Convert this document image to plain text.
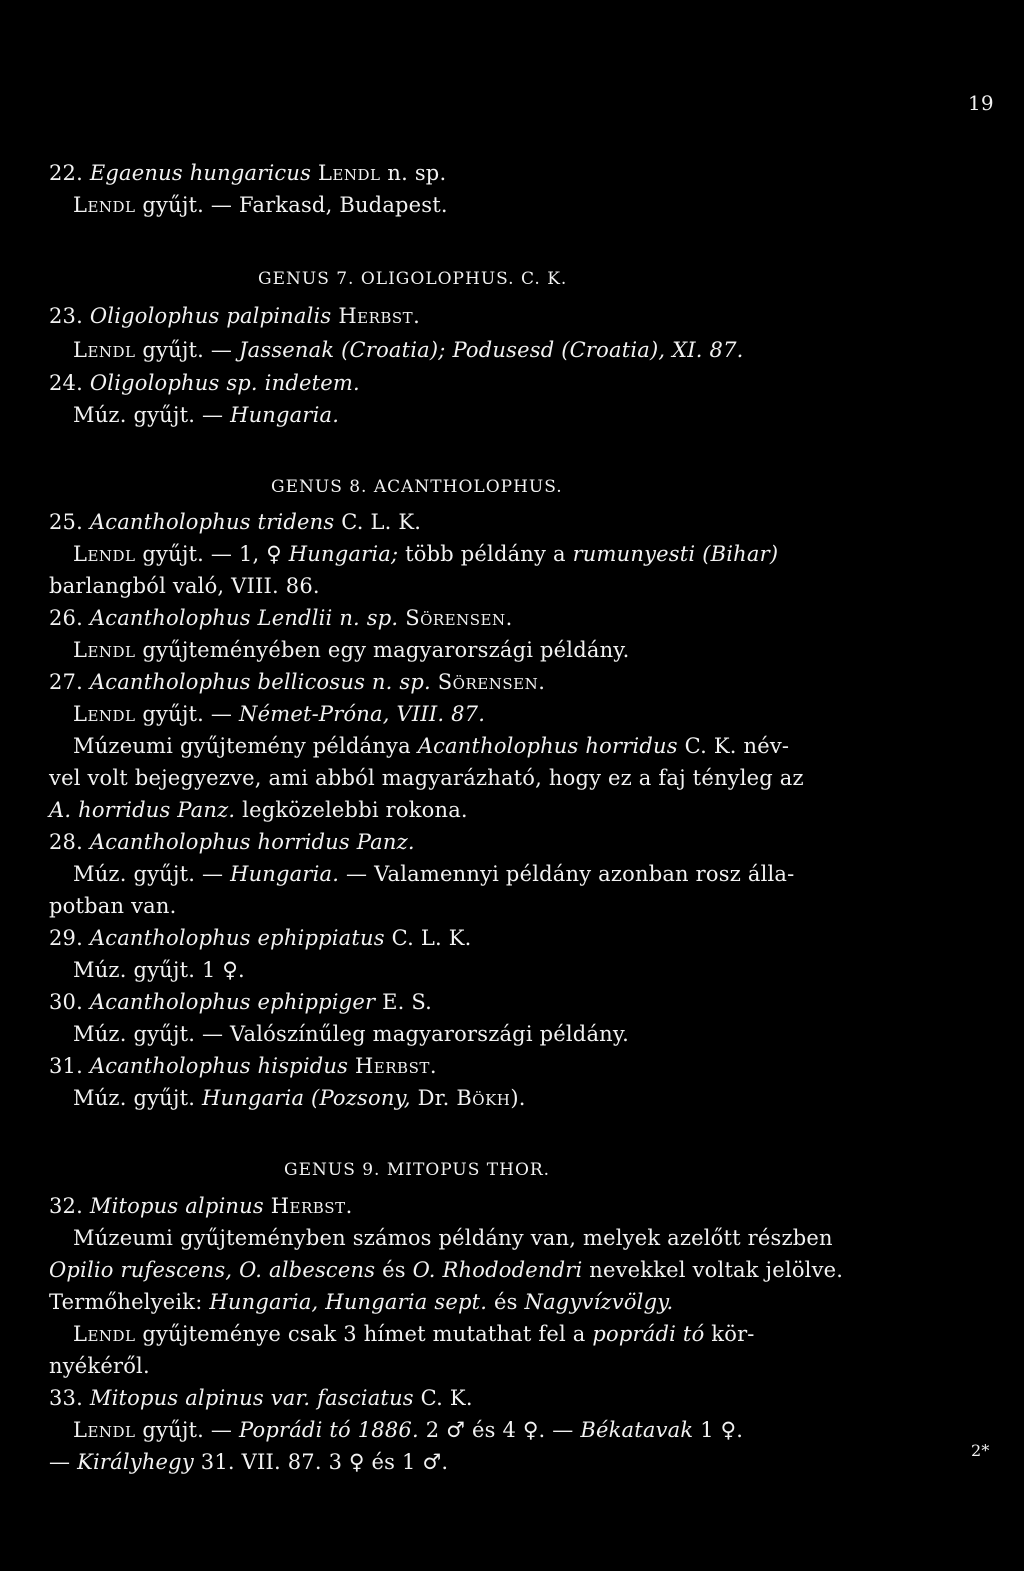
19
22. Egaenus hungaricus Lendl n. sp.
Lendl gyűjt. — Farkasd, Budapest.
GENUS 7. OLIGOLOPHUS. C. K.
23. Oligolophus palpinalis Herbst.
Lendl gyűjt. — Jassenak (Croatia); Podusesd (Croatia), XI. 87.
24. Oligolophus sp. indetem.
Múz. gyűjt. — Hungaria.
GENUS 8. ACANTHOLOPHUS.
25. Acantholophus tridens C. L. K.
Lendl gyűjt. — 1, ♀ Hungaria; több példány a rumunyesti (Bihar)
barlangból való, VIII. 86.
26. Acantholophus Lendlii n. sp. Sörensen.
Lendl gyűjteményében egy magyarországi példány.
27. Acantholophus bellicosus n. sp. Sörensen.
Lendl gyűjt. — Német-Próna, VIII. 87.
Múzeumi gyűjtemény példánya Acantholophus horridus C. K. név-
vel volt bejegyezve, ami abból magyarázható, hogy ez a faj tényleg az
A. horridus Panz. legközelebbi rokona.
28. Acantholophus horridus Panz.
Múz. gyűjt. — Hungaria. — Valamennyi példány azonban rosz álla-
potban van.
29. Acantholophus ephippiatus C. L. K.
Múz. gyűjt. 1 ♀.
30. Acantholophus ephippiger E. S.
Múz. gyűjt. — Valószínűleg magyarországi példány.
31. Acantholophus hispidus Herbst.
Múz. gyűjt. Hungaria (Pozsony, Dr. Bökh).
GENUS 9. MITOPUS THOR.
32. Mitopus alpinus Herbst.
Múzeumi gyűjteményben számos példány van, melyek azelőtt részben
Opilio rufescens, O. albescens és O. Rhododendri nevekkel voltak jelölve.
Termőhelyeik: Hungaria, Hungaria sept. és Nagyvízvölgy.
Lendl gyűjteménye csak 3 hímet mutathat fel a poprádi tó kör-
nyékéről.
33. Mitopus alpinus var. fasciatus C. K.
Lendl gyűjt. — Poprádi tó 1886. 2 ♂ és 4 ♀. — Békatavak 1 ♀.
— Királyhegy 31. VII. 87. 3 ♀ és 1 ♂.	2*
